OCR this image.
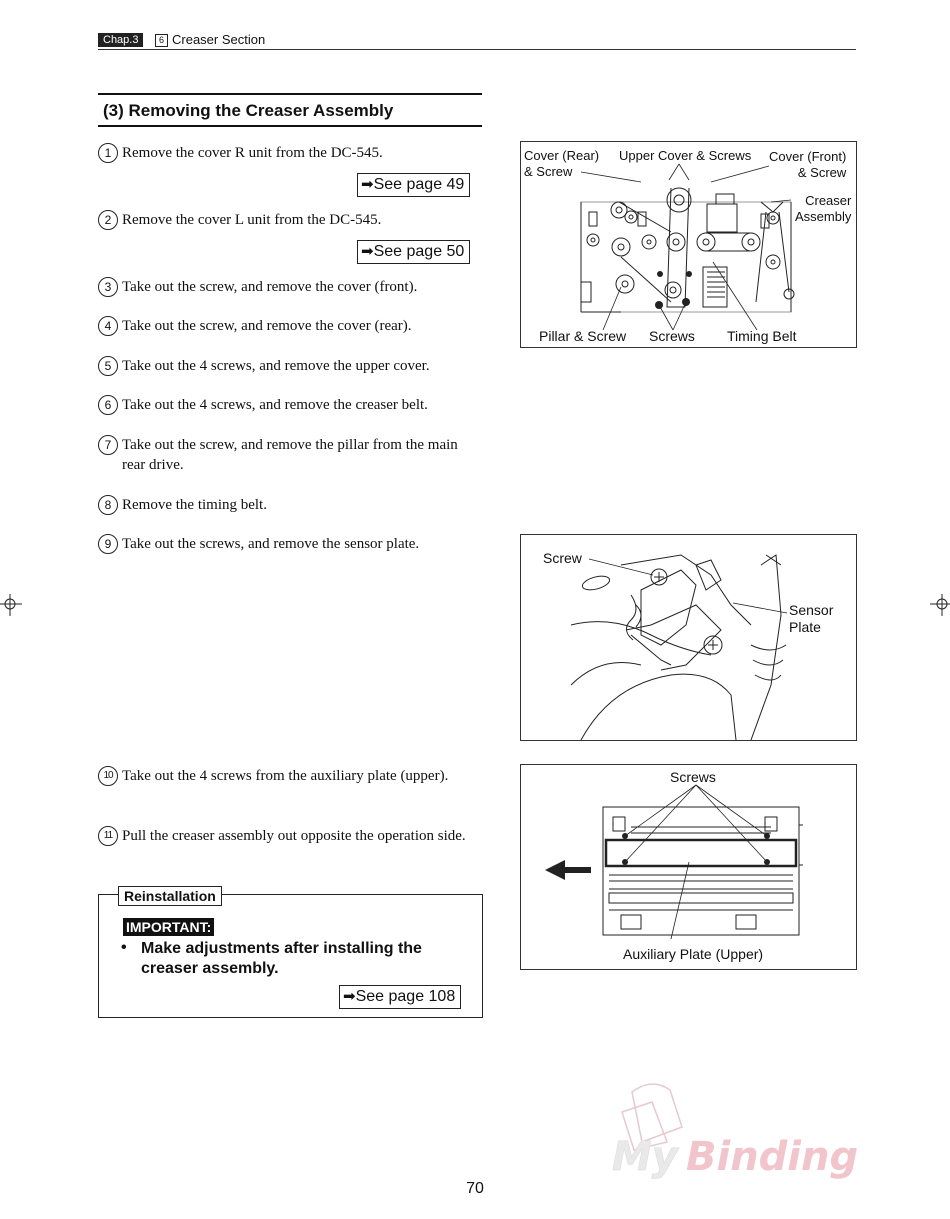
Chap.3	6 Creaser Section
(3) Removing the Creaser Assembly
1 Remove the cover R unit from the DC-545.
➡See page 49
2 Remove the cover L unit from the DC-545.
➡See page 50
3 Take out the screw, and remove the cover (front).
4 Take out the screw, and remove the cover (rear).
5 Take out the 4 screws, and remove the upper cover.
6 Take out the 4 screws, and remove the creaser belt.
7 Take out the screw, and remove the pillar from the main rear drive.
8 Remove the timing belt.
9 Take out the screws, and remove the sensor plate.
10 Take out the 4 screws from the auxiliary plate (upper).
11 Pull the creaser assembly out opposite the operation side.
Cover (Rear)
& Screw
Upper Cover & Screws Cover (Front)
& Screw
Creaser
Assembly
Pillar & Screw Screws Timing Belt
Screw
Sensor
Plate
Screws
Auxiliary Plate (Upper)
Reinstallation
IMPORTANT:
• Make adjustments after installing the creaser assembly.
➡See page 108
My Binding
70
